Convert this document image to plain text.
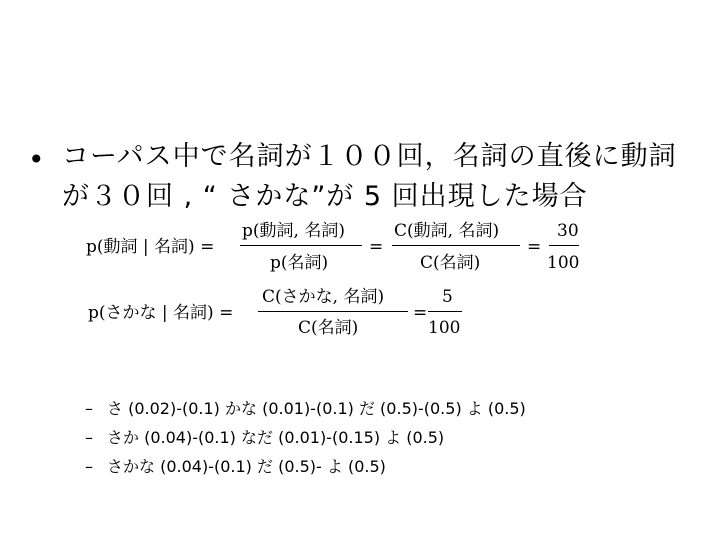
• コーパス中で名詞が１００回，名詞の直後に動詞が３０回 , “ さかな”が 5 回出現した場合
p(動詞 | 名詞) =
p(動詞, 名詞)
p(名詞)
=
C(動詞, 名詞)
C(名詞)
=
30
100
p(さかな | 名詞) =
C(さかな, 名詞)
C(名詞)
=
5
100
– さ (0.02)-(0.1) かな (0.01)-(0.1) だ (0.5)-(0.5) よ (0.5)
– さか (0.04)-(0.1) なだ (0.01)-(0.15) よ (0.5)
– さかな (0.04)-(0.1) だ (0.5)- よ (0.5)
